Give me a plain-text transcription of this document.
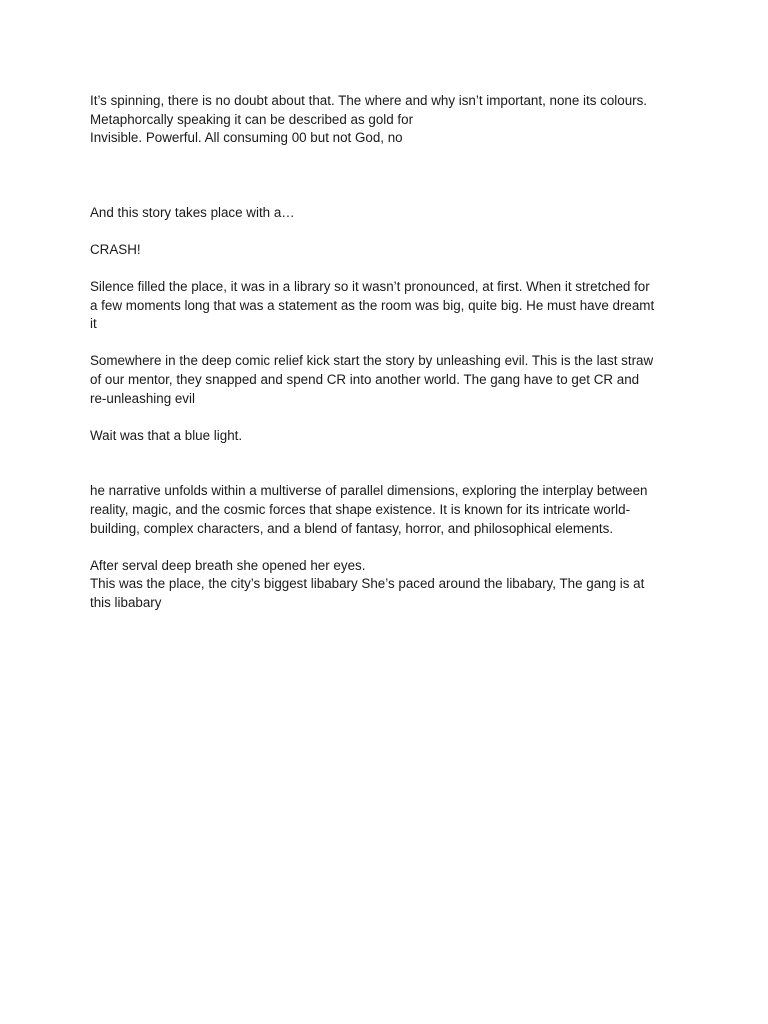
It’s spinning, there is no doubt about that. The where and why isn’t important, none its colours.
Metaphorcally speaking it can be described as gold for
Invisible. Powerful. All consuming 00 but not God, no

And this story takes place with a…

CRASH!

Silence filled the place, it was in a library so it wasn’t pronounced, at first. When it stretched for
a few moments long that was a statement as the room was big, quite big. He must have dreamt
it

Somewhere in the deep comic relief kick start the story by unleashing evil. This is the last straw
of our mentor, they snapped and spend CR into another world. The gang have to get CR and
re-unleashing evil

Wait was that a blue light.

he narrative unfolds within a multiverse of parallel dimensions, exploring the interplay between
reality, magic, and the cosmic forces that shape existence. It is known for its intricate world-
building, complex characters, and a blend of fantasy, horror, and philosophical elements.

After serval deep breath she opened her eyes.
This was the place, the city’s biggest libabary She’s paced around the libabary, The gang is at
this libabary
